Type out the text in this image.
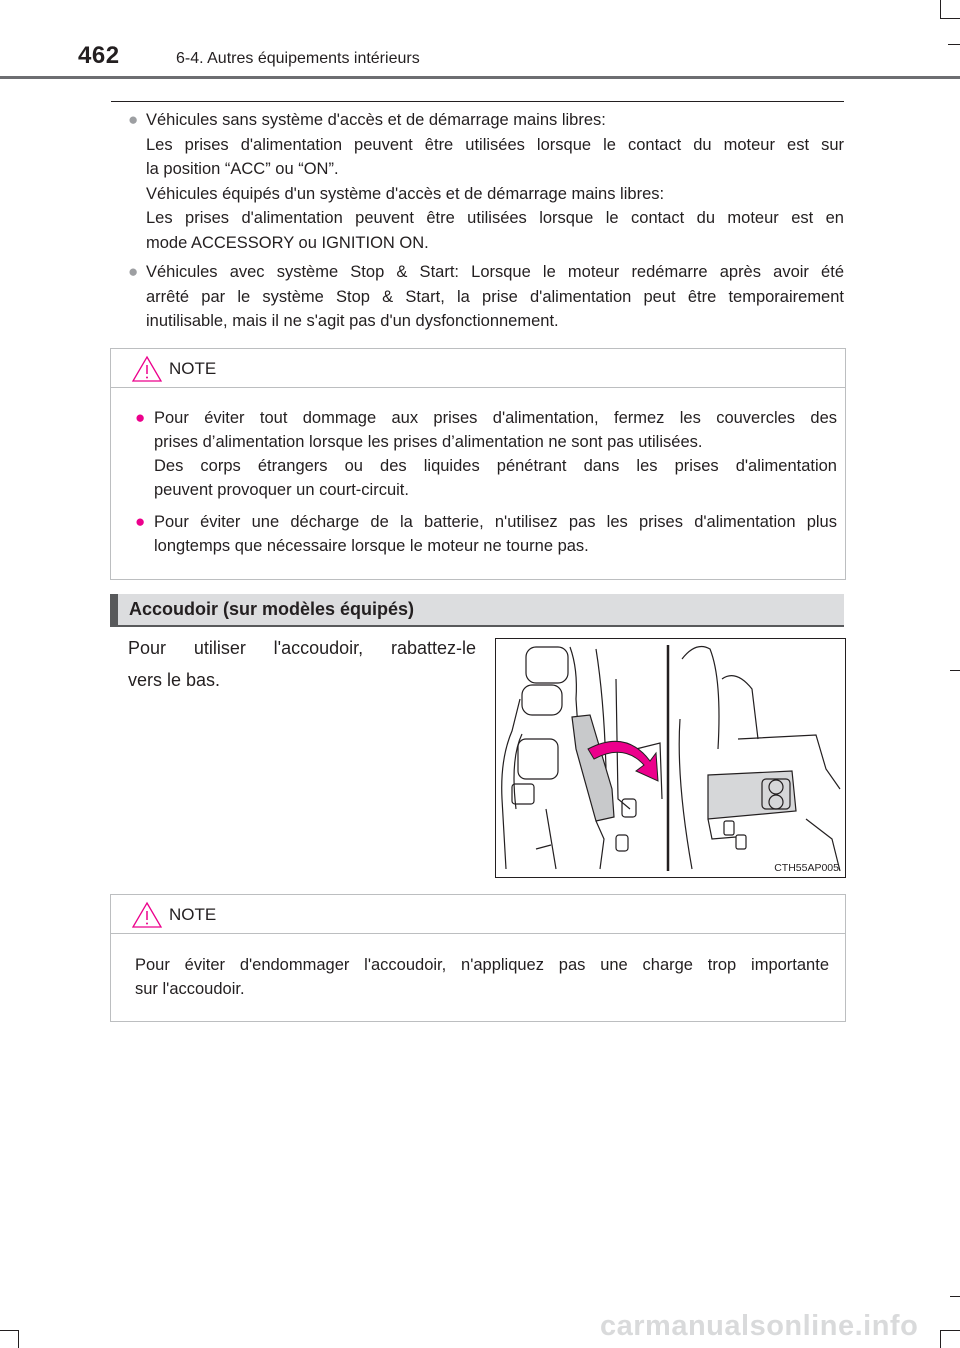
462	6-4. Autres équipements intérieurs
● Véhicules sans système d'accès et de démarrage mains libres:
Les prises d'alimentation peuvent être utilisées lorsque le contact du moteur est sur
la position “ACC” ou “ON”.
Véhicules équipés d'un système d'accès et de démarrage mains libres:
Les prises d'alimentation peuvent être utilisées lorsque le contact du moteur est en
mode ACCESSORY ou IGNITION ON.
● Véhicules avec système Stop & Start: Lorsque le moteur redémarre après avoir été
arrêté par le système Stop & Start, la prise d'alimentation peut être temporairement
inutilisable, mais il ne s'agit pas d'un dysfonctionnement.
NOTE
● Pour éviter tout dommage aux prises d'alimentation, fermez les couvercles des
prises d’alimentation lorsque les prises d’alimentation ne sont pas utilisées.
Des corps étrangers ou des liquides pénétrant dans les prises d'alimentation
peuvent provoquer un court-circuit.
● Pour éviter une décharge de la batterie, n'utilisez pas les prises d'alimentation plus
longtemps que nécessaire lorsque le moteur ne tourne pas.
Accoudoir (sur modèles équipés)
Pour utiliser l'accoudoir, rabattez-le
vers le bas.
CTH55AP005
NOTE
Pour éviter d'endommager l'accoudoir, n'appliquez pas une charge trop importante
sur l'accoudoir.
carmanualsonline.info
